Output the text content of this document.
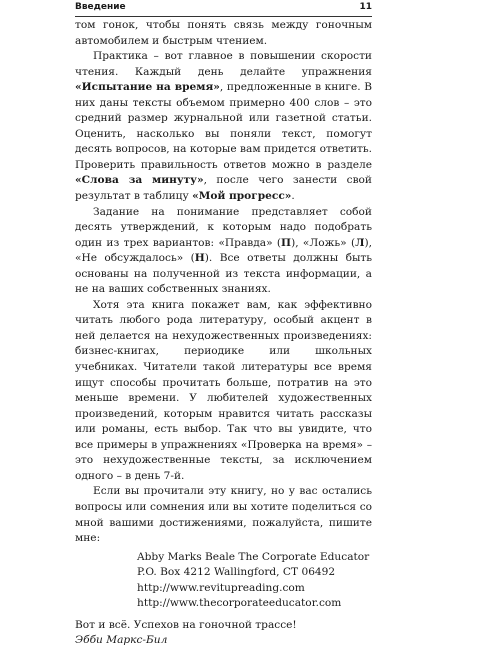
Введение	11

том гонок, чтобы понять связь между гоночным автомобилем и быстрым чтением.

Практика – вот главное в повышении скорости чтения. Каждый день делайте упражнения «Испытание на время», предложенные в книге. В них даны тексты объемом примерно 400 слов – это средний размер журнальной или газетной статьи. Оценить, насколько вы поняли текст, помогут десять вопросов, на которые вам придется ответить. Проверить правильность ответов можно в разделе «Слова за минуту», после чего занести свой результат в таблицу «Мой прогресс».

Задание на понимание представляет собой десять утверждений, к которым надо подобрать один из трех вариантов: «Правда» (П), «Ложь» (Л), «Не обсуждалось» (Н). Все ответы должны быть основаны на полученной из текста информации, а не на ваших собственных знаниях.

Хотя эта книга покажет вам, как эффективно читать любого рода литературу, особый акцент в ней делается на нехудожественных произведениях: бизнес-книгах, периодике или школьных учебниках. Читатели такой литературы все время ищут способы прочитать больше, потратив на это меньше времени. У любителей художественных произведений, которым нравится читать рассказы или романы, есть выбор. Так что вы увидите, что все примеры в упражнениях «Проверка на время» – это нехудожественные тексты, за исключением одного – в день 7-й.

Если вы прочитали эту книгу, но у вас остались вопросы или сомнения или вы хотите поделиться со мной вашими достижениями, пожалуйста, пишите мне:

Abby Marks Beale The Corporate Educator
P.O. Box 4212 Wallingford, CT 06492
http://www.revitupreading.com
http://www.thecorporateeducator.com

Вот и всё. Успехов на гоночной трассе!

Эбби Маркс-Бил
